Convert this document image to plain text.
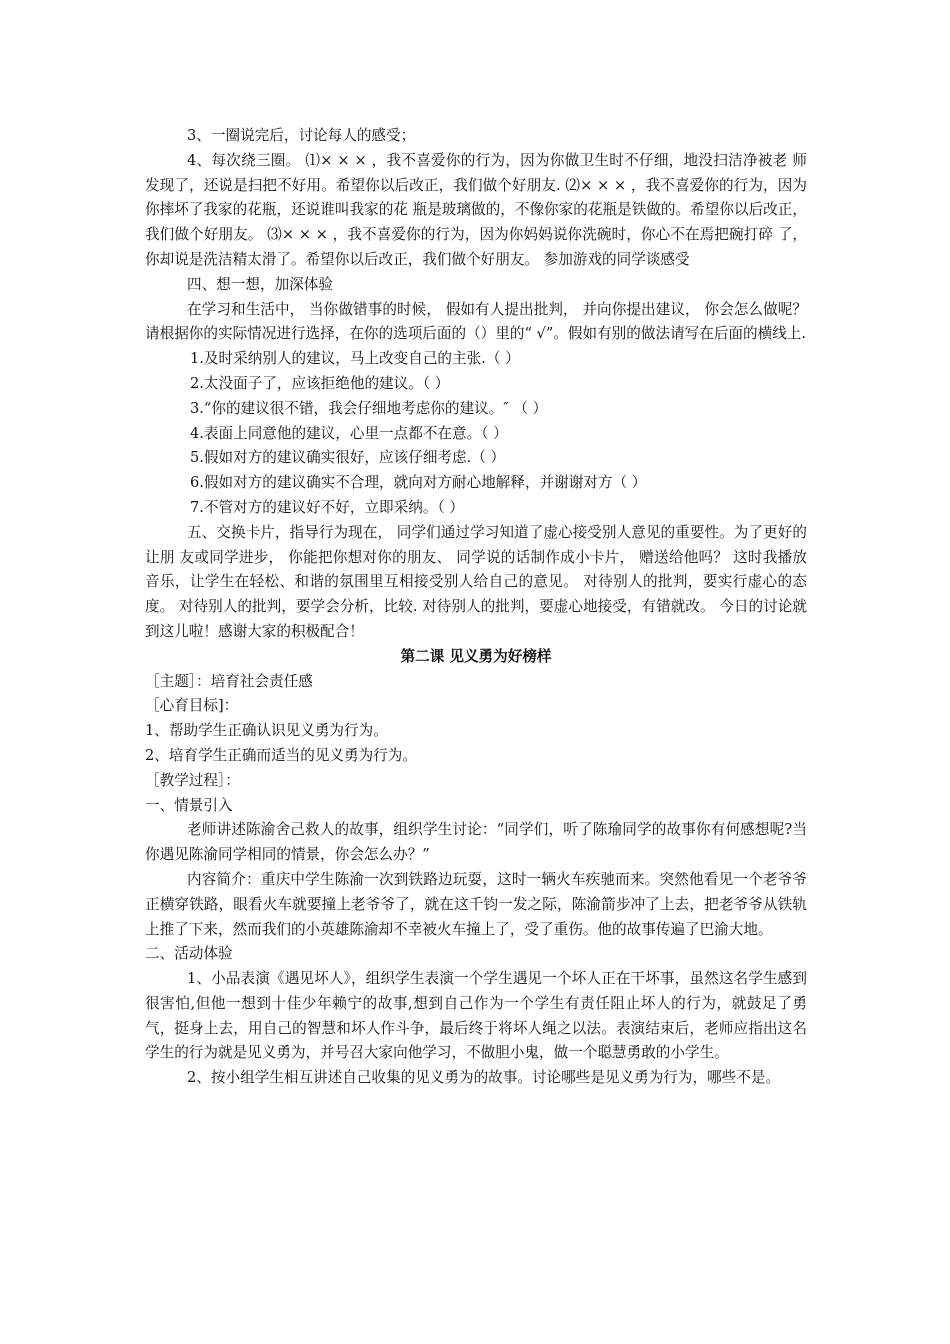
3、一圈说完后，讨论每人的感受；

4、每次绕三圈。 ⑴× × × ，我不喜爱你的行为，因为你做卫生时不仔细，地没扫洁净被老 师发现了，还说是扫把不好用。希望你以后改正，我们做个好朋友. ⑵× × × ，我不喜爱你的行为，因为你摔坏了我家的花瓶，还说谁叫我家的花 瓶是玻璃做的，不像你家的花瓶是铁做的。希望你以后改正，我们做个好朋友。 ⑶× × × ，我不喜爱你的行为，因为你妈妈说你洗碗时，你心不在焉把碗打碎 了，你却说是洗洁精太滑了。希望你以后改正，我们做个好朋友。 参加游戏的同学谈感受

四、想一想，加深体验

在学习和生活中， 当你做错事的时候， 假如有人提出批判， 并向你提出建议， 你会怎么做呢？ 请根据你的实际情况进行选择，在你的选项后面的（）里的“ √”。假如有别的做法请写在后面的横线上.

1.及时采纳别人的建议，马上改变自己的主张.（ ）

2.太没面子了，应该拒绝他的建议。（ ）

3.“你的建议很不错，我会仔细地考虑你的建议。″ （ ）

4.表面上同意他的建议，心里一点都不在意。（ ）

5.假如对方的建议确实很好，应该仔细考虑.（ ）

6.假如对方的建议确实不合理，就向对方耐心地解释，并谢谢对方（ ）

7.不管对方的建议好不好，立即采纳。（ ）

五、交换卡片，指导行为现在， 同学们通过学习知道了虚心接受别人意见的重要性。为了更好的让朋 友或同学进步， 你能把你想对你的朋友、 同学说的话制作成小卡片， 赠送给他吗？ 这时我播放音乐，让学生在轻松、和谐的氛围里互相接受别人给自己的意见。 对待别人的批判，要实行虚心的态度。 对待别人的批判，要学会分析，比较. 对待别人的批判，要虚心地接受，有错就改。 今日的讨论就到这儿啦！感谢大家的积极配合！

第二课 见义勇为好榜样

［主题］：培育社会责任感

［心育目标]：

1、帮助学生正确认识见义勇为行为。

2、培育学生正确而适当的见义勇为行为。

［教学过程］：

一、情景引入

老师讲述陈渝舍己救人的故事，组织学生讨论：“同学们，听了陈瑜同学的故事你有何感想呢?当你遇见陈渝同学相同的情景，你会怎么办？”

内容简介：重庆中学生陈渝一次到铁路边玩耍，这时一辆火车疾驰而来。突然他看见一个老爷爷正横穿铁路，眼看火车就要撞上老爷爷了，就在这千钧一发之际，陈渝箭步冲了上去，把老爷爷从铁轨上推了下来，然而我们的小英雄陈渝却不幸被火车撞上了，受了重伤。他的故事传遍了巴渝大地。

二、活动体验

1、小品表演《遇见坏人》，组织学生表演一个学生遇见一个坏人正在干坏事，虽然这名学生感到很害怕,但他一想到十佳少年赖宁的故事,想到自己作为一个学生有责任阻止坏人的行为，就鼓足了勇气，挺身上去，用自己的智慧和坏人作斗争，最后终于将坏人绳之以法。表演结束后，老师应指出这名学生的行为就是见义勇为，并号召大家向他学习，不做胆小鬼，做一个聪慧勇敢的小学生。

2、按小组学生相互讲述自己收集的见义勇为的故事。讨论哪些是见义勇为行为，哪些不是。
